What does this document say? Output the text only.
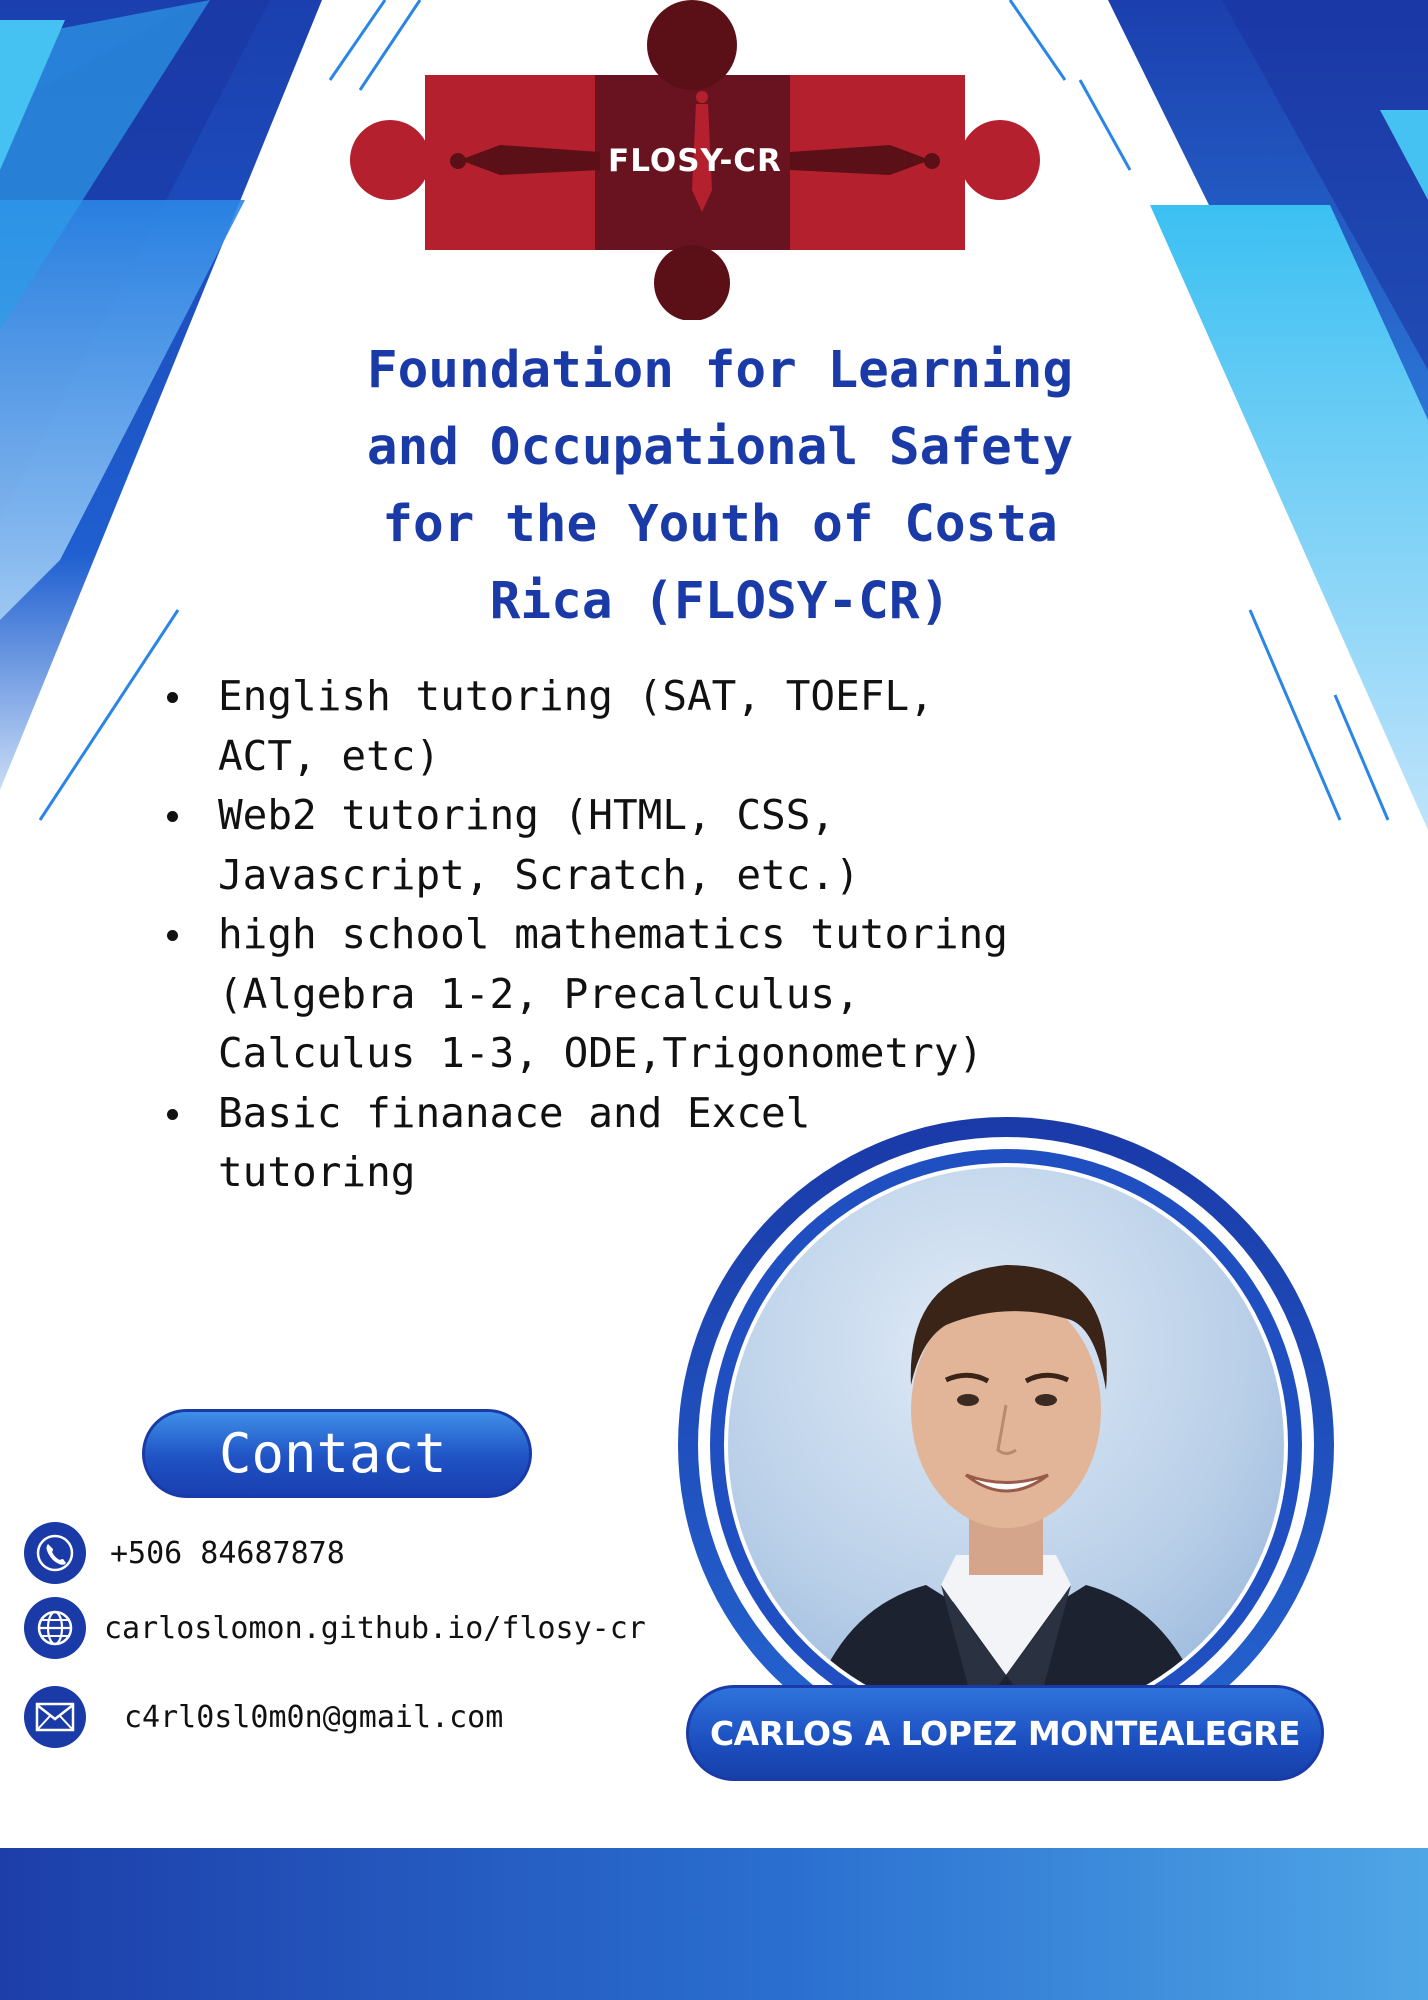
FLOSY-CR
Foundation for Learning
and Occupational Safety
for the Youth of Costa
Rica (FLOSY-CR)
English tutoring (SAT, TOEFL,
ACT, etc)
Web2 tutoring (HTML, CSS,
Javascript, Scratch, etc.)
high school mathematics tutoring
(Algebra 1-2, Precalculus,
Calculus 1-3, ODE,Trigonometry)
Basic finanace and Excel
tutoring
Contact
+506 84687878
carloslomon.github.io/flosy-cr
c4rl0sl0m0n@gmail.com	CARLOS A LOPEZ MONTEALEGRE
